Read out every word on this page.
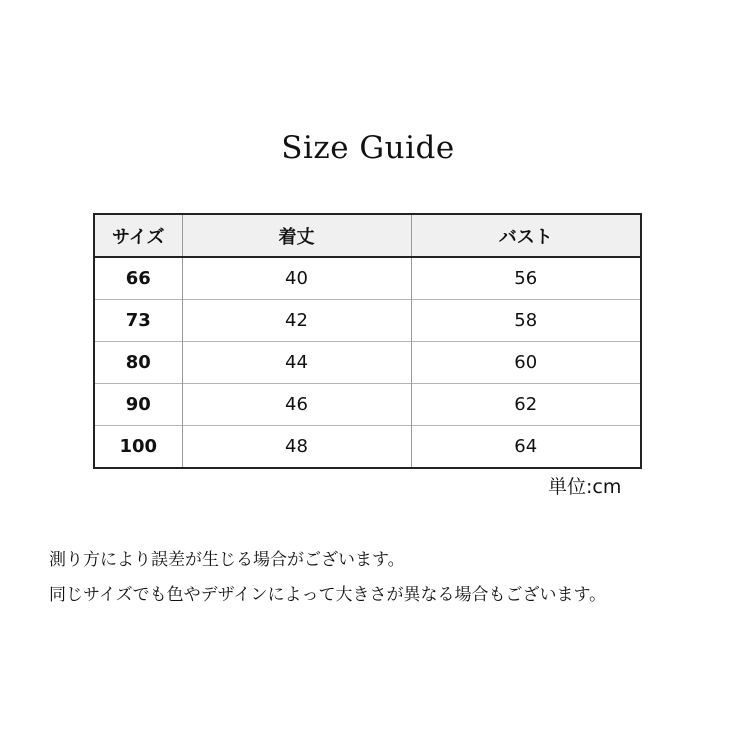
Size Guide
サイズ	着丈	バスト
66	40	56
73	42	58
80	44	60
90	46	62
100	48	64
単位:cm

測り方により誤差が生じる場合がございます。

同じサイズでも色やデザインによって大きさが異なる場合もございます。
